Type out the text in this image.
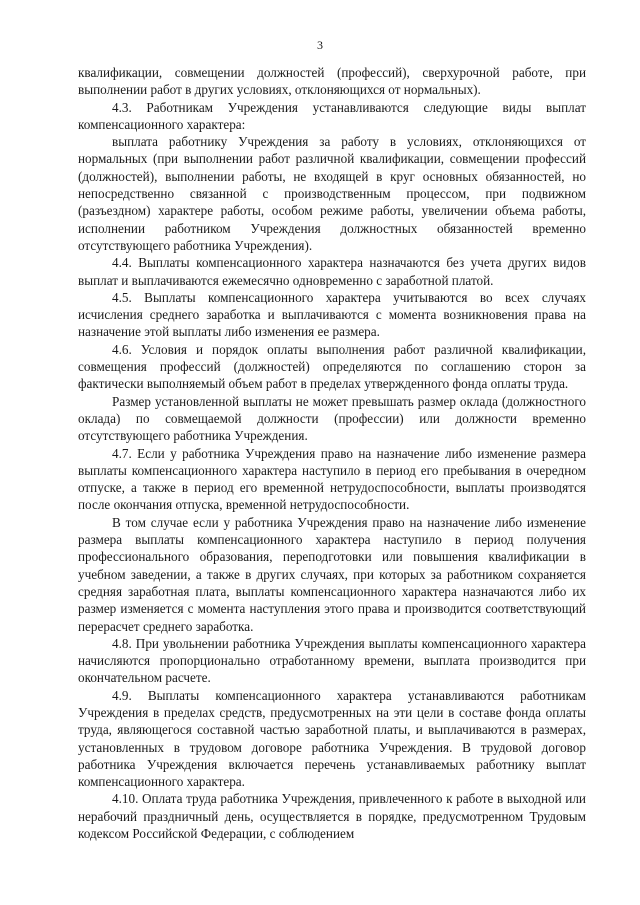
3

квалификации, совмещении должностей (профессий), сверхурочной работе, при выполнении работ в других условиях, отклоняющихся от нормальных).

4.3. Работникам Учреждения устанавливаются следующие виды выплат компенсационного характера:

выплата работнику Учреждения за работу в условиях, отклоняющихся от нормальных (при выполнении работ различной квалификации, совмещении профессий (должностей), выполнении работы, не входящей в круг основных обязанностей, но непосредственно связанной с производственным процессом, при подвижном (разъездном) характере работы, особом режиме работы, увеличении объема работы, исполнении работником Учреждения должностных обязанностей временно отсутствующего работника Учреждения).

4.4. Выплаты компенсационного характера назначаются без учета других видов выплат и выплачиваются ежемесячно одновременно с заработной платой.

4.5. Выплаты компенсационного характера учитываются во всех случаях исчисления среднего заработка и выплачиваются с момента возникновения права на назначение этой выплаты либо изменения ее размера.

4.6. Условия и порядок оплаты выполнения работ различной квалификации, совмещения профессий (должностей) определяются по соглашению сторон за фактически выполняемый объем работ в пределах утвержденного фонда оплаты труда.

Размер установленной выплаты не может превышать размер оклада (должностного оклада) по совмещаемой должности (профессии) или должности временно отсутствующего работника Учреждения.

4.7. Если у работника Учреждения право на назначение либо изменение размера выплаты компенсационного характера наступило в период его пребывания в очередном отпуске, а также в период его временной нетрудоспособности, выплаты производятся после окончания отпуска, временной нетрудоспособности.

В том случае если у работника Учреждения право на назначение либо изменение размера выплаты компенсационного характера наступило в период получения профессионального образования, переподготовки или повышения квалификации в учебном заведении, а также в других случаях, при которых за работником сохраняется средняя заработная плата, выплаты компенсационного характера назначаются либо их размер изменяется с момента наступления этого права и производится соответствующий перерасчет среднего заработка.

4.8. При увольнении работника Учреждения выплаты компенсационного характера начисляются пропорционально отработанному времени, выплата производится при окончательном расчете.

4.9. Выплаты компенсационного характера устанавливаются работникам Учреждения в пределах средств, предусмотренных на эти цели в составе фонда оплаты труда, являющегося составной частью заработной платы, и выплачиваются в размерах, установленных в трудовом договоре работника Учреждения. В трудовой договор работника Учреждения включается перечень устанавливаемых работнику выплат компенсационного характера.

4.10. Оплата труда работника Учреждения, привлеченного к работе в выходной или нерабочий праздничный день, осуществляется в порядке, предусмотренном Трудовым кодексом Российской Федерации, с соблюдением
